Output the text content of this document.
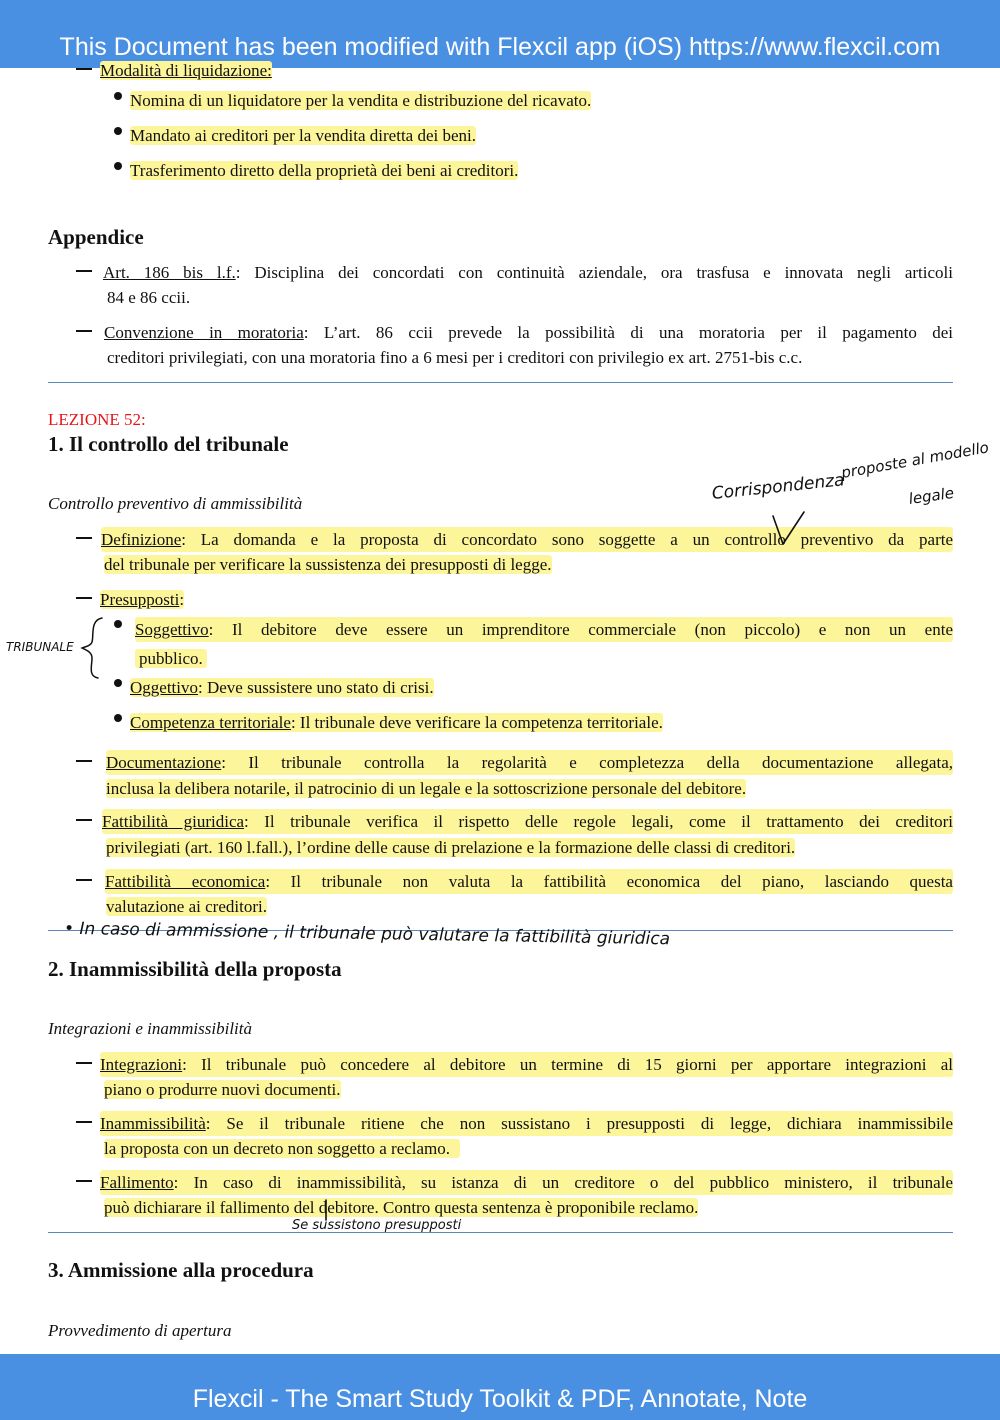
This Document has been modified with Flexcil app (iOS) https://www.flexcil.com
Modalità di liquidazione:
Nomina di un liquidatore per la vendita e distribuzione del ricavato.
Mandato ai creditori per la vendita diretta dei beni.
Trasferimento diretto della proprietà dei beni ai creditori.
Appendice
Art. 186 bis l.f.: Disciplina dei concordati con continuità aziendale, ora trasfusa e innovata negli articoli
84 e 86 ccii.
Convenzione in moratoria: L’art. 86 ccii prevede la possibilità di una moratoria per il pagamento dei
creditori privilegiati, con una moratoria fino a 6 mesi per i creditori con privilegio ex art. 2751-bis c.c.
LEZIONE 52:
1. Il controllo del tribunale
Controllo preventivo di ammissibilità
Definizione: La domanda e la proposta di concordato sono soggette a un controllo preventivo da parte
del tribunale per verificare la sussistenza dei presupposti di legge.
Presupposti:
Soggettivo: Il debitore deve essere un imprenditore commerciale (non piccolo) e non un ente
pubblico.
Oggettivo: Deve sussistere uno stato di crisi.
Competenza territoriale: Il tribunale deve verificare la competenza territoriale.
Documentazione: Il tribunale controlla la regolarità e completezza della documentazione allegata,
inclusa la delibera notarile, il patrocinio di un legale e la sottoscrizione personale del debitore.
Fattibilità giuridica: Il tribunale verifica il rispetto delle regole legali, come il trattamento dei creditori
privilegiati (art. 160 l.fall.), l’ordine delle cause di prelazione e la formazione delle classi di creditori.
Fattibilità economica: Il tribunale non valuta la fattibilità economica del piano, lasciando questa
valutazione ai creditori.
2. Inammissibilità della proposta
Integrazioni e inammissibilità
Integrazioni: Il tribunale può concedere al debitore un termine di 15 giorni per apportare integrazioni al
piano o produrre nuovi documenti.
Inammissibilità: Se il tribunale ritiene che non sussistano i presupposti di legge, dichiara inammissibile
la proposta con un decreto non soggetto a reclamo.
Fallimento: In caso di inammissibilità, su istanza di un creditore o del pubblico ministero, il tribunale
può dichiarare il fallimento del debitore. Contro questa sentenza è proponibile reclamo.
3. Ammissione alla procedura
Provvedimento di apertura
Corrispondenza
proposte al modello
legale
TRIBUNALE
• In caso di ammissione , il tribunale può valutare la fattibilità giuridica
Se sussistono presupposti
Flexcil - The Smart Study Toolkit & PDF, Annotate, Note
